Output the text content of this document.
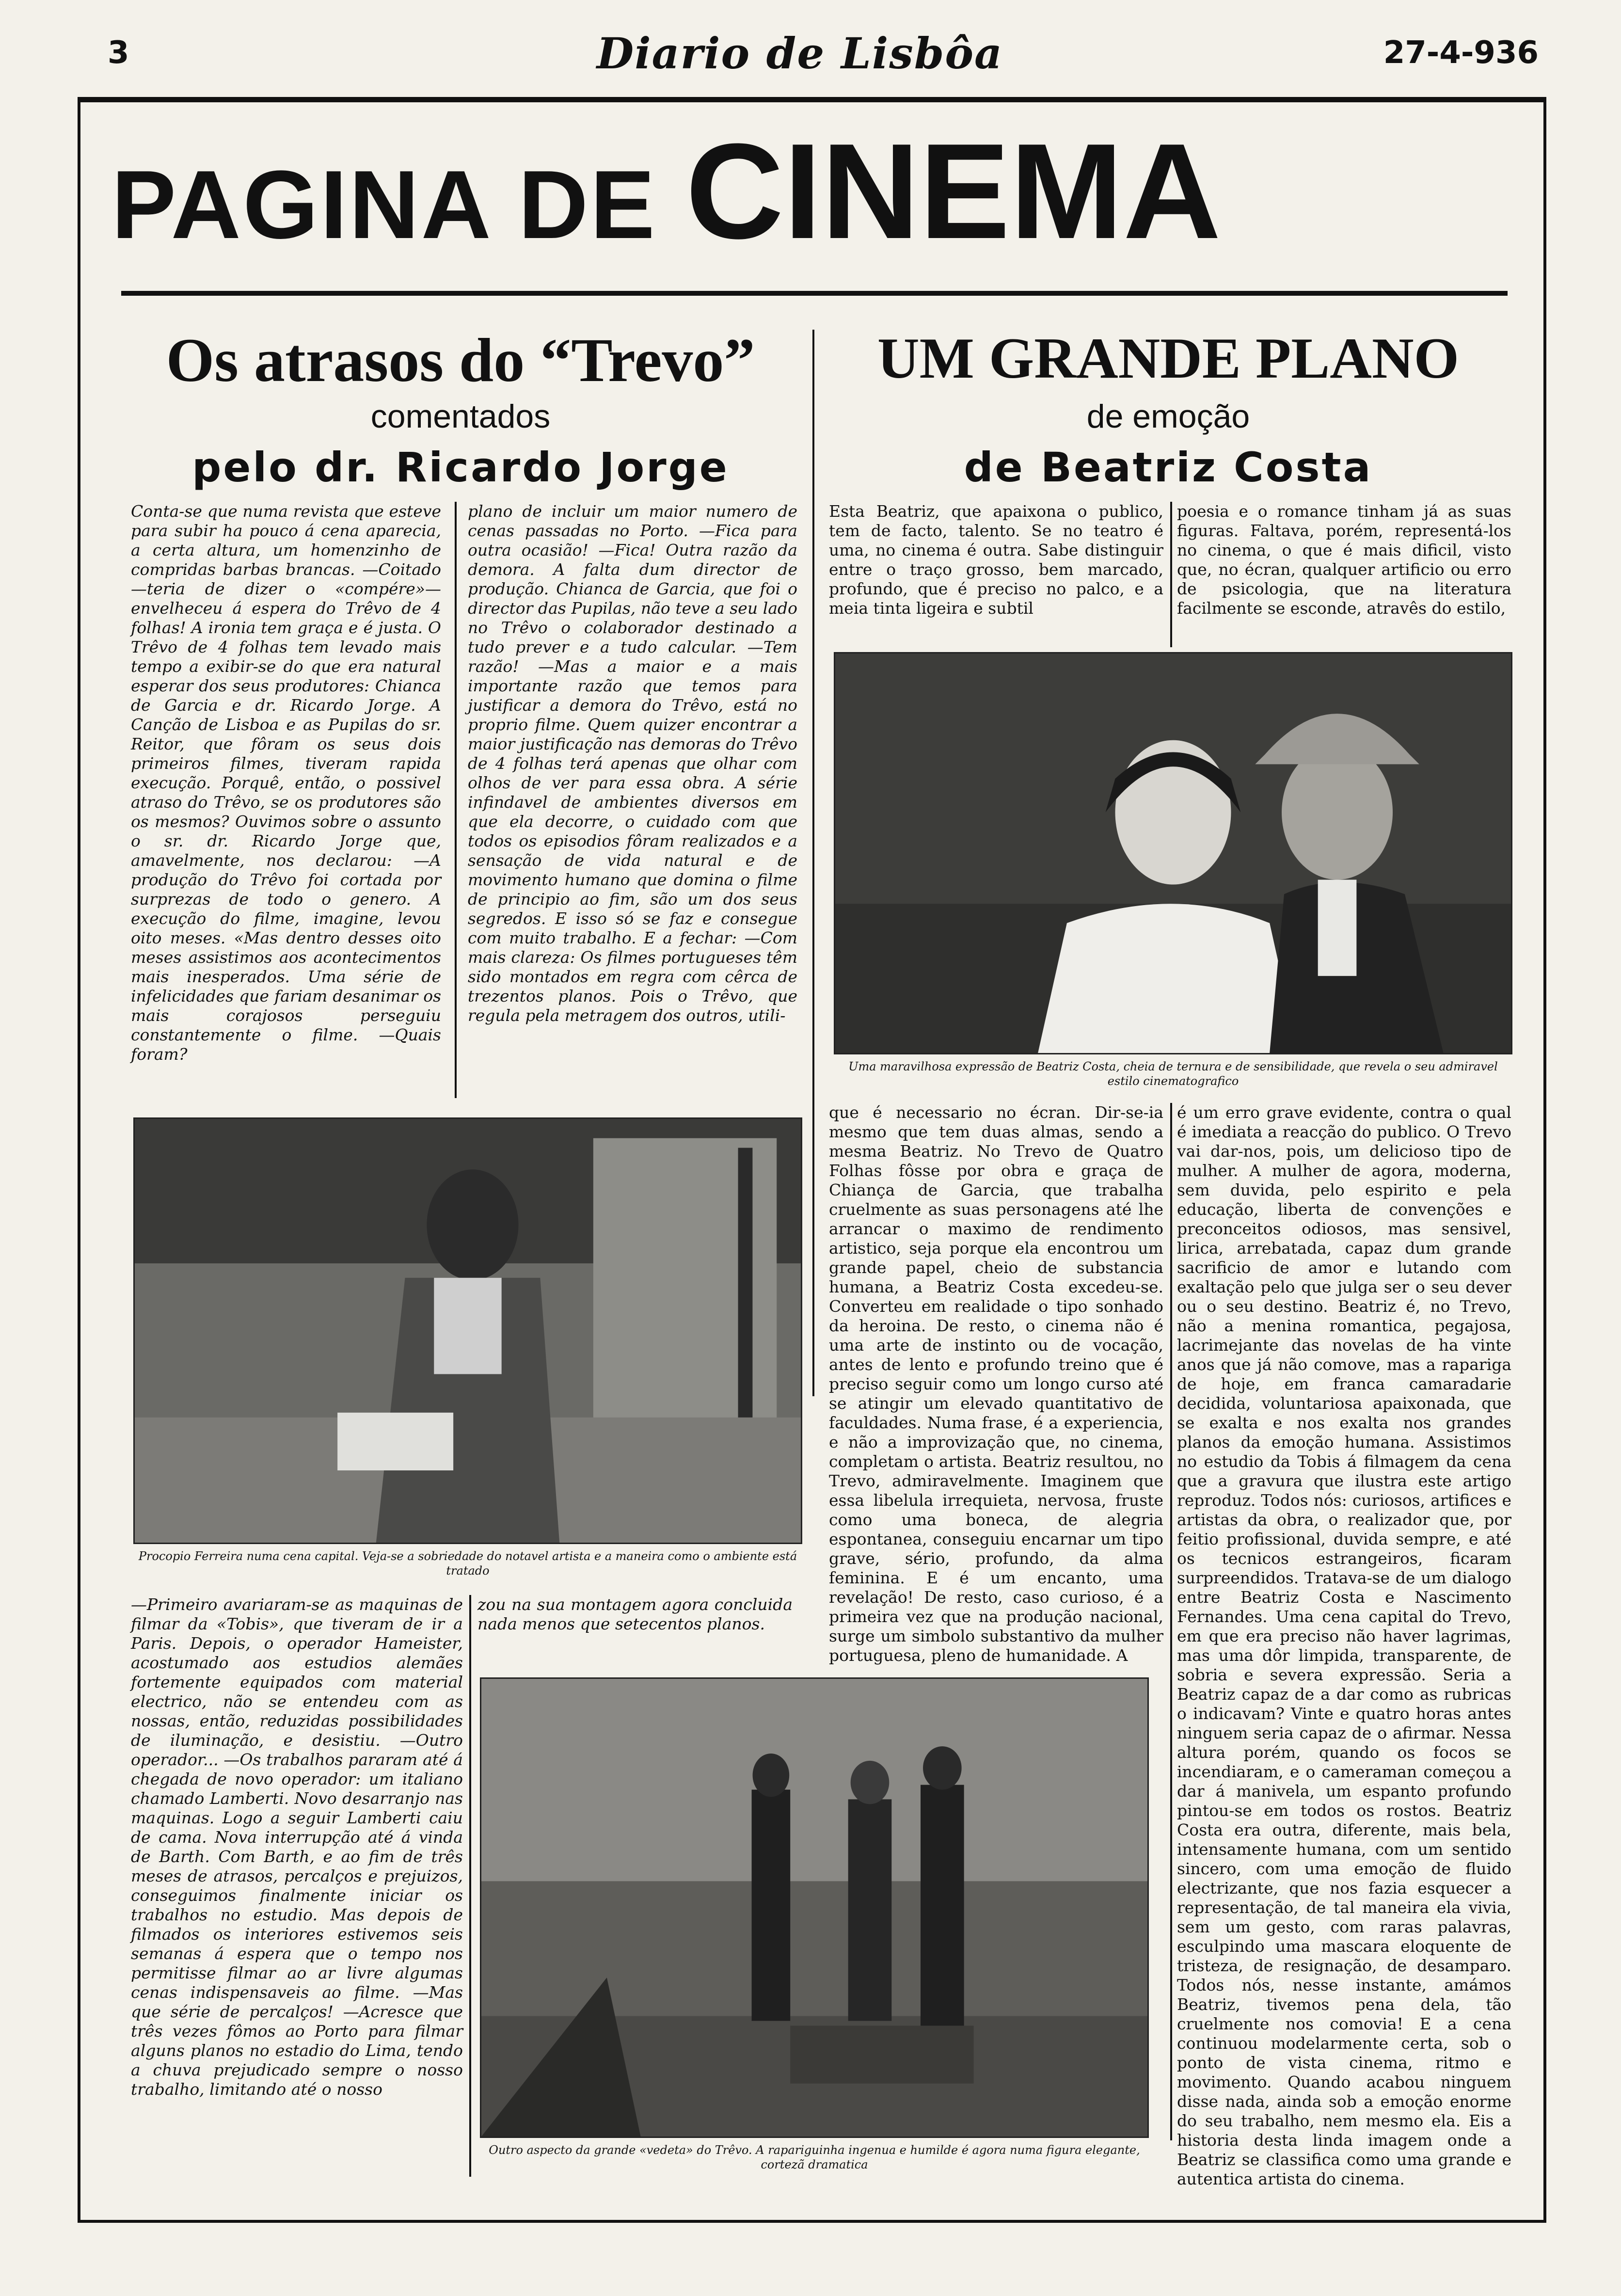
3	Diario de Lisbôa	27-4-936
PAGINA DE CINEMA
Os atrasos do “Trevo”
comentados
pelo dr. Ricardo Jorge
UM GRANDE PLANO
de emoção
de Beatriz Costa
Conta-se que numa revista que esteve para subir ha pouco á cena aparecia, a certa altura, um homenzinho de compridas barbas brancas. —Coitado—teria de dizer o «compére»—envelheceu á espera do Trêvo de 4 folhas! A ironia tem graça e é justa. O Trêvo de 4 folhas tem levado mais tempo a exibir-se do que era natural esperar dos seus produtores: Chianca de Garcia e dr. Ricardo Jorge. A Canção de Lisboa e as Pupilas do sr. Reitor, que fôram os seus dois primeiros filmes, tiveram rapida execução. Porquê, então, o possivel atraso do Trêvo, se os produtores são os mesmos? Ouvimos sobre o assunto o sr. dr. Ricardo Jorge que, amavelmente, nos declarou: —A produção do Trêvo foi cortada por surprezas de todo o genero. A execução do filme, imagine, levou oito meses. «Mas dentro desses oito meses assistimos aos acontecimentos mais inesperados. Uma série de infelicidades que fariam desanimar os mais corajosos perseguiu constantemente o filme. —Quais foram?
plano de incluir um maior numero de cenas passadas no Porto. —Fica para outra ocasião! —Fica! Outra razão da demora. A falta dum director de produção. Chianca de Garcia, que foi o director das Pupilas, não teve a seu lado no Trêvo o colaborador destinado a tudo prever e a tudo calcular. —Tem razão! —Mas a maior e a mais importante razão que temos para justificar a demora do Trêvo, está no proprio filme. Quem quizer encontrar a maior justificação nas demoras do Trêvo de 4 folhas terá apenas que olhar com olhos de ver para essa obra. A série infindavel de ambientes diversos em que ela decorre, o cuidado com que todos os episodios fôram realizados e a sensação de vida natural e de movimento humano que domina o filme de principio ao fim, são um dos seus segredos. E isso só se faz e consegue com muito trabalho. E a fechar: —Com mais clareza: Os filmes portugueses têm sido montados em regra com cêrca de trezentos planos. Pois o Trêvo, que regula pela metragem dos outros, utili-
Procopio Ferreira numa cena capital. Veja-se a sobriedade do notavel artista e a maneira como o ambiente está tratado
—Primeiro avariaram-se as maquinas de filmar da «Tobis», que tiveram de ir a Paris. Depois, o operador Hameister, acostumado aos estudios alemães fortemente equipados com material electrico, não se entendeu com as nossas, então, reduzidas possibilidades de iluminação, e desistiu. —Outro operador... —Os trabalhos pararam até á chegada de novo operador: um italiano chamado Lamberti. Novo desarranjo nas maquinas. Logo a seguir Lamberti caiu de cama. Nova interrupção até á vinda de Barth. Com Barth, e ao fim de três meses de atrasos, percalços e prejuizos, conseguimos finalmente iniciar os trabalhos no estudio. Mas depois de filmados os interiores estivemos seis semanas á espera que o tempo nos permitisse filmar ao ar livre algumas cenas indispensaveis ao filme. —Mas que série de percalços! —Acresce que três vezes fômos ao Porto para filmar alguns planos no estadio do Lima, tendo a chuva prejudicado sempre o nosso trabalho, limitando até o nosso
zou na sua montagem agora concluida nada menos que setecentos planos.
Outro aspecto da grande «vedeta» do Trêvo. A rapariguinha ingenua e humilde é agora numa figura elegante, cortezã dramatica
Esta Beatriz, que apaixona o publico, tem de facto, talento. Se no teatro é uma, no cinema é outra. Sabe distinguir entre o traço grosso, bem marcado, profundo, que é preciso no palco, e a meia tinta ligeira e subtil
poesia e o romance tinham já as suas figuras. Faltava, porém, representá-los no cinema, o que é mais dificil, visto que, no écran, qualquer artificio ou erro de psicologia, que na literatura facilmente se esconde, atravês do estilo,
Uma maravilhosa expressão de Beatriz Costa, cheia de ternura e de sensibilidade, que revela o seu admiravel estilo cinematografico
que é necessario no écran. Dir-se-ia mesmo que tem duas almas, sendo a mesma Beatriz. No Trevo de Quatro Folhas fôsse por obra e graça de Chiança de Garcia, que trabalha cruelmente as suas personagens até lhe arrancar o maximo de rendimento artistico, seja porque ela encontrou um grande papel, cheio de substancia humana, a Beatriz Costa excedeu-se. Converteu em realidade o tipo sonhado da heroina. De resto, o cinema não é uma arte de instinto ou de vocação, antes de lento e profundo treino que é preciso seguir como um longo curso até se atingir um elevado quantitativo de faculdades. Numa frase, é a experiencia, e não a improvização que, no cinema, completam o artista. Beatriz resultou, no Trevo, admiravelmente. Imaginem que essa libelula irrequieta, nervosa, fruste como uma boneca, de alegria espontanea, conseguiu encarnar um tipo grave, sério, profundo, da alma feminina. E é um encanto, uma revelação! De resto, caso curioso, é a primeira vez que na produção nacional, surge um simbolo substantivo da mulher portuguesa, pleno de humanidade. A
é um erro grave evidente, contra o qual é imediata a reacção do publico. O Trevo vai dar-nos, pois, um delicioso tipo de mulher. A mulher de agora, moderna, sem duvida, pelo espirito e pela educação, liberta de convenções e preconceitos odiosos, mas sensivel, lirica, arrebatada, capaz dum grande sacrificio de amor e lutando com exaltação pelo que julga ser o seu dever ou o seu destino. Beatriz é, no Trevo, não a menina romantica, pegajosa, lacrimejante das novelas de ha vinte anos que já não comove, mas a rapariga de hoje, em franca camaradarie decidida, voluntariosa apaixonada, que se exalta e nos exalta nos grandes planos da emoção humana. Assistimos no estudio da Tobis á filmagem da cena que a gravura que ilustra este artigo reproduz. Todos nós: curiosos, artifices e artistas da obra, o realizador que, por feitio profissional, duvida sempre, e até os tecnicos estrangeiros, ficaram surpreendidos. Tratava-se de um dialogo entre Beatriz Costa e Nascimento Fernandes. Uma cena capital do Trevo, em que era preciso não haver lagrimas, mas uma dôr limpida, transparente, de sobria e severa expressão. Seria a Beatriz capaz de a dar como as rubricas o indicavam? Vinte e quatro horas antes ninguem seria capaz de o afirmar. Nessa altura porém, quando os focos se incendiaram, e o cameraman começou a dar á manivela, um espanto profundo pintou-se em todos os rostos. Beatriz Costa era outra, diferente, mais bela, intensamente humana, com um sentido sincero, com uma emoção de fluido electrizante, que nos fazia esquecer a representação, de tal maneira ela vivia, sem um gesto, com raras palavras, esculpindo uma mascara eloquente de tristeza, de resignação, de desamparo. Todos nós, nesse instante, amámos Beatriz, tivemos pena dela, tão cruelmente nos comovia! E a cena continuou modelarmente certa, sob o ponto de vista cinema, ritmo e movimento. Quando acabou ninguem disse nada, ainda sob a emoção enorme do seu trabalho, nem mesmo ela. Eis a historia desta linda imagem onde a Beatriz se classifica como uma grande e autentica artista do cinema.
